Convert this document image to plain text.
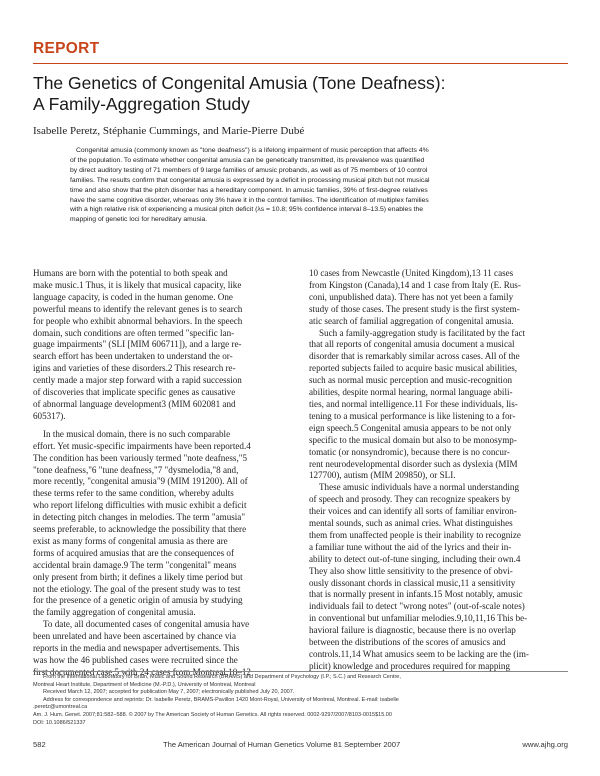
REPORT
The Genetics of Congenital Amusia (Tone Deafness):
A Family-Aggregation Study
Isabelle Peretz, Stéphanie Cummings, and Marie-Pierre Dubé
Congenital amusia (commonly known as "tone deafness") is a lifelong impairment of music perception that affects 4%
of the population. To estimate whether congenital amusia can be genetically transmitted, its prevalence was quantified
by direct auditory testing of 71 members of 9 large families of amusic probands, as well as of 75 members of 10 control
families. The results confirm that congenital amusia is expressed by a deficit in processing musical pitch but not musical
time and also show that the pitch disorder has a hereditary component. In amusic families, 39% of first-degree relatives
have the same cognitive disorder, whereas only 3% have it in the control families. The identification of multiplex families
with a high relative risk of experiencing a musical pitch deficit (λs = 10.8; 95% confidence interval 8–13.5) enables the
mapping of genetic loci for hereditary amusia.
Humans are born with the potential to both speak and
make music.1 Thus, it is likely that musical capacity, like
language capacity, is coded in the human genome. One
powerful means to identify the relevant genes is to search
for people who exhibit abnormal behaviors. In the speech
domain, such conditions are often termed "specific lan-
guage impairments" (SLI [MIM 606711]), and a large re-
search effort has been undertaken to understand the or-
igins and varieties of these disorders.2 This research re-
cently made a major step forward with a rapid succession
of discoveries that implicate specific genes as causative
of abnormal language development3 (MIM 602081 and
605317).
In the musical domain, there is no such comparable
effort. Yet music-specific impairments have been reported.4
The condition has been variously termed "note deafness,"5
"tone deafness,"6 "tune deafness,"7 "dysmelodia,"8 and,
more recently, "congenital amusia"9 (MIM 191200). All of
these terms refer to the same condition, whereby adults
who report lifelong difficulties with music exhibit a deficit
in detecting pitch changes in melodies. The term "amusia"
seems preferable, to acknowledge the possibility that there
exist as many forms of congenital amusia as there are
forms of acquired amusias that are the consequences of
accidental brain damage.9 The term "congenital" means
only present from birth; it defines a likely time period but
not the etiology. The goal of the present study was to test
for the presence of a genetic origin of amusia by studying
the family aggregation of congenital amusia.
To date, all documented cases of congenital amusia have
been unrelated and have been ascertained by chance via
reports in the media and newspaper advertisements. This
was how the 46 published cases were recruited since the
first documented case,5 with 24 cases from Montreal,10–12
10 cases from Newcastle (United Kingdom),13 11 cases
from Kingston (Canada),14 and 1 case from Italy (E. Rus-
coni, unpublished data). There has not yet been a family
study of those cases. The present study is the first system-
atic search of familial aggregation of congenital amusia.
Such a family-aggregation study is facilitated by the fact
that all reports of congenital amusia document a musical
disorder that is remarkably similar across cases. All of the
reported subjects failed to acquire basic musical abilities,
such as normal music perception and music-recognition
abilities, despite normal hearing, normal language abili-
ties, and normal intelligence.11 For these individuals, lis-
tening to a musical performance is like listening to a for-
eign speech.5 Congenital amusia appears to be not only
specific to the musical domain but also to be monosymp-
tomatic (or nonsyndromic), because there is no concur-
rent neurodevelopmental disorder such as dyslexia (MIM
127700), autism (MIM 209850), or SLI.
These amusic individuals have a normal understanding
of speech and prosody. They can recognize speakers by
their voices and can identify all sorts of familiar environ-
mental sounds, such as animal cries. What distinguishes
them from unaffected people is their inability to recognize
a familiar tune without the aid of the lyrics and their in-
ability to detect out-of-tune singing, including their own.4
They also show little sensitivity to the presence of obvi-
ously dissonant chords in classical music,11 a sensitivity
that is normally present in infants.15 Most notably, amusic
individuals fail to detect "wrong notes" (out-of-scale notes)
in conventional but unfamiliar melodies.9,10,11,16 This be-
havioral failure is diagnostic, because there is no overlap
between the distributions of the scores of amusics and
controls.11,14 What amusics seem to be lacking are the (im-
plicit) knowledge and procedures required for mapping
From the International Laboratory for Brain, Music and Sound Research (BRAMS) and Department of Psychology (I.P.; S.C.) and Research Centre,
Montreal Heart Institute, Department of Medicine (M.-P.D.), University of Montreal, Montreal
Received March 12, 2007; accepted for publication May 7, 2007; electronically published July 20, 2007.
Address for correspondence and reprints: Dr. Isabelle Peretz, BRAMS-Pavillon 1420 Mont-Royal, University of Montreal, Montreal. E-mail: isabelle
.peretz@umontreal.ca
Am. J. Hum. Genet. 2007;81:582–588. © 2007 by The American Society of Human Genetics. All rights reserved. 0002-9297/2007/8103-0015$15.00
DOI: 10.1086/521337
582	The American Journal of Human Genetics Volume 81 September 2007	www.ajhg.org
